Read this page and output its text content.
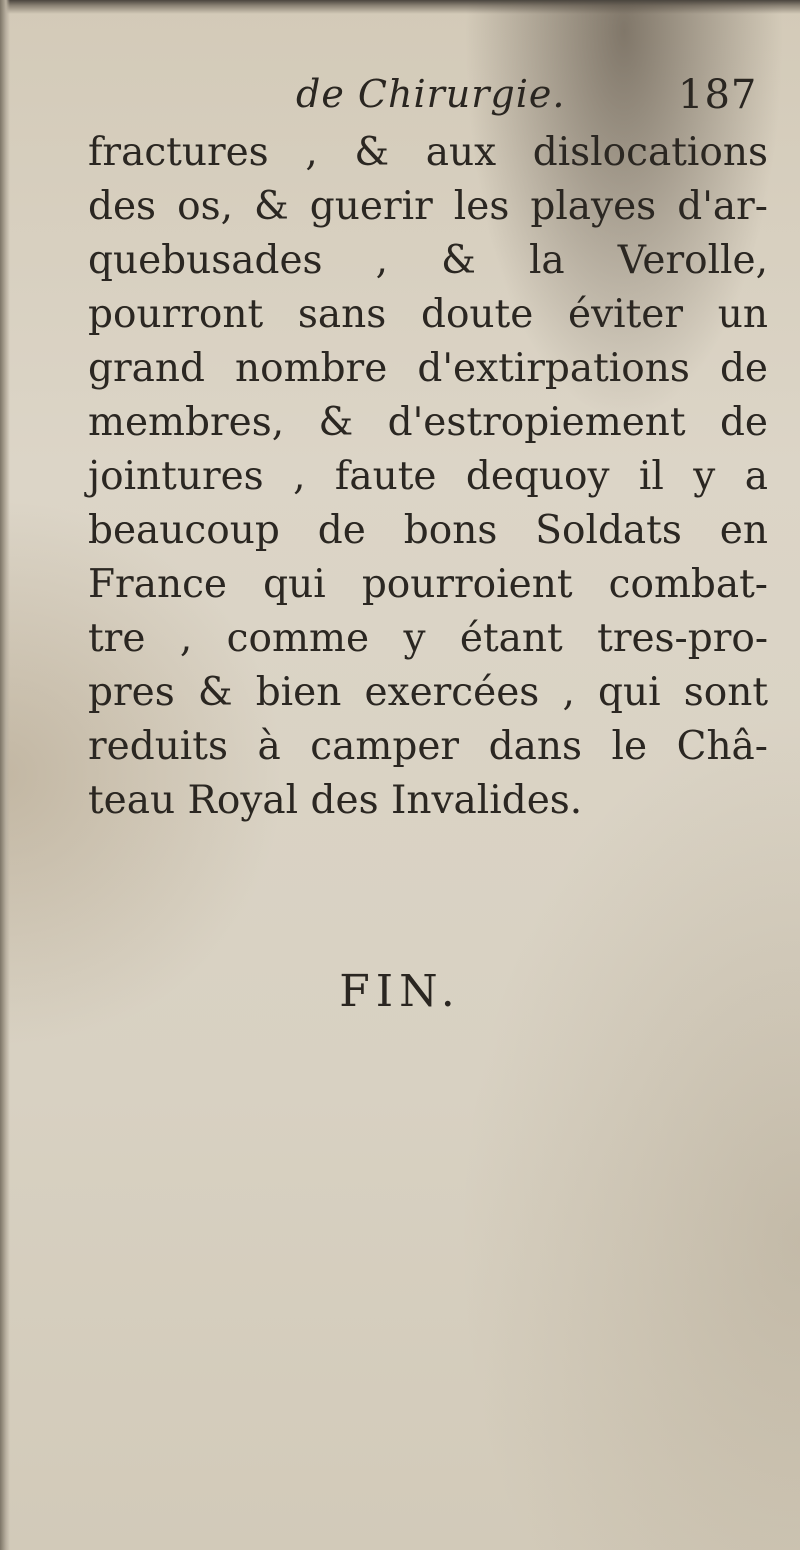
de Chirurgie.	187
fractures , & aux dislocations
des os, & guerir les playes d'ar-
quebusades , & la Verolle,
pourront sans doute éviter un
grand nombre d'extirpations de
membres, & d'estropiement de
jointures , faute dequoy il y a
beaucoup de bons Soldats en
France qui pourroient combat-
tre , comme y étant tres-pro-
pres & bien exercées , qui sont
reduits à camper dans le Châ-
teau Royal des Invalides.
FIN.
